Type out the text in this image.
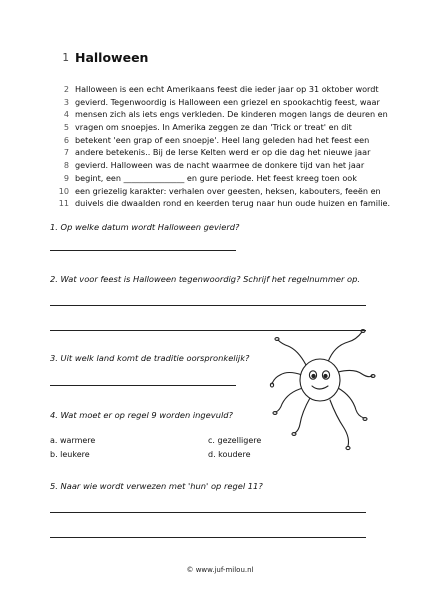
1 Halloween
2 Halloween is een echt Amerikaans feest die ieder jaar op 31 oktober wordt
3 gevierd. Tegenwoordig is Halloween een griezel en spookachtig feest, waar
4 mensen zich als iets engs verkleden. De kinderen mogen langs de deuren en
5 vragen om snoepjes. In Amerika zeggen ze dan 'Trick or treat' en dit
6 betekent 'een grap of een snoepje'. Heel lang geleden had het feest een
7 andere betekenis.. Bij de Ierse Kelten werd er op die dag het nieuwe jaar
8 gevierd. Halloween was de nacht waarmee de donkere tijd van het jaar
9 begint, een _______________ en gure periode. Het feest kreeg toen ook
10 een griezelig karakter: verhalen over geesten, heksen, kabouters, feeën en
11 duivels die dwaalden rond en keerden terug naar hun oude huizen en familie.
1. Op welke datum wordt Halloween gevierd?
2. Wat voor feest is Halloween tegenwoordig? Schrijf het regelnummer op.
3. Uit welk land komt de traditie oorspronkelijk?
4. Wat moet er op regel 9 worden ingevuld?
a. warmere	c. gezelligere
b. leukere	d. koudere
5. Naar wie wordt verwezen met 'hun' op regel 11?
© www.juf-milou.nl
